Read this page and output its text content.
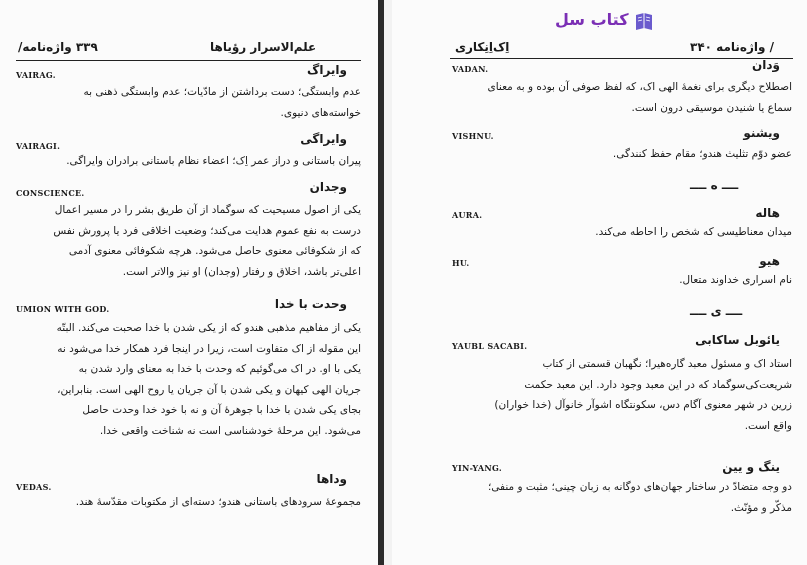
۳۳۹ واژه‌نامه/	علم‌الاسرار رؤیاها
VAIRAG.	وایراگ
عدم وابستگی؛ دست برداشتن از مادّیات؛ عدم وابستگی ذهنی به
خواسته‌های دنیوی.
VAIRAGI.	وایراگی
پیران باستانی و دراز عمر اِک؛ اعضاء نظام باستانی برادران وایراگی.
CONSCIENCE.	وجدان
یکی از اصول مسیحیت که سوگماد از آن طریق بشر را در مسیر اعمال
درست به نفع عموم هدایت می‌کند؛ وضعیت اخلاقی فرد یا پرورش نفس
که از شکوفائی معنوی حاصل می‌شود. هرچه شکوفائی معنوی آدمی
اعلی‌تر باشد، اخلاق و رفتار (وجدان) او نیز والاتر است.
UMION WITH GOD.	وحدت با خدا
یکی از مفاهیم مذهبی هندو که از یکی شدن با خدا صحبت می‌کند. البتّه
این مقوله از اک متفاوت است، زیرا در اینجا فرد همکار خدا می‌شود نه
یکی با او. در اک می‌گوئیم که وحدت با خدا به معنای وارد شدن به
جریان الهی کیهان و یکی شدن با آن جریان یا روح الهی است. بنابراین،
بجای یکی شدن با خدا با جوهرهٔ آن و نه با خود خدا وحدت حاصل
می‌شود. این مرحلهٔ خودشناسی است نه شناخت واقعی خدا.
VEDAS.
وداها
مجموعهٔ سرودهای باستانی هندو؛ دسته‌ای از مکتوبات مقدّسهٔ هند.
کتاب سل
اِک‌اِنِکاری	/ واژه‌نامه ۳۴۰
VADAN.	وَدان
اصطلاح دیگری برای نغمهٔ الهی اک، که لفظ صوفی آن بوده و به معنای
سماع یا شنیدن موسیقی درون است.
VISHNU.	ویشنو
عضو دوّم تثلیث هندو؛ مقام حفظ کنندگی.
ــــ ه ــــ
AURA.	هاله
میدان معناطیسی که شخص را احاطه می‌کند.
HU.	هیو
نام اسراری خداوند متعال.
ــــ ی ــــ
YAUBL SACABI.	یائوبل ساکابی
استاد اک و مسئول معبد گاره‌هیرا؛ نگهبان قسمتی از کتاب
شریعت‌کی‌سوگماد که در این معبد وجود دارد. این معبد حکمت
زرین در شهر معنوی آگام دس، سکونتگاه اشوآر خانوآل (خدا خواران)
واقع است.
YIN-YANG.	ینگ و یین
دو وجه متضادّ در ساختار جهان‌های دوگانه به زبان چینی؛ مثبت و منفی؛
مذکّر و مؤنّث.
